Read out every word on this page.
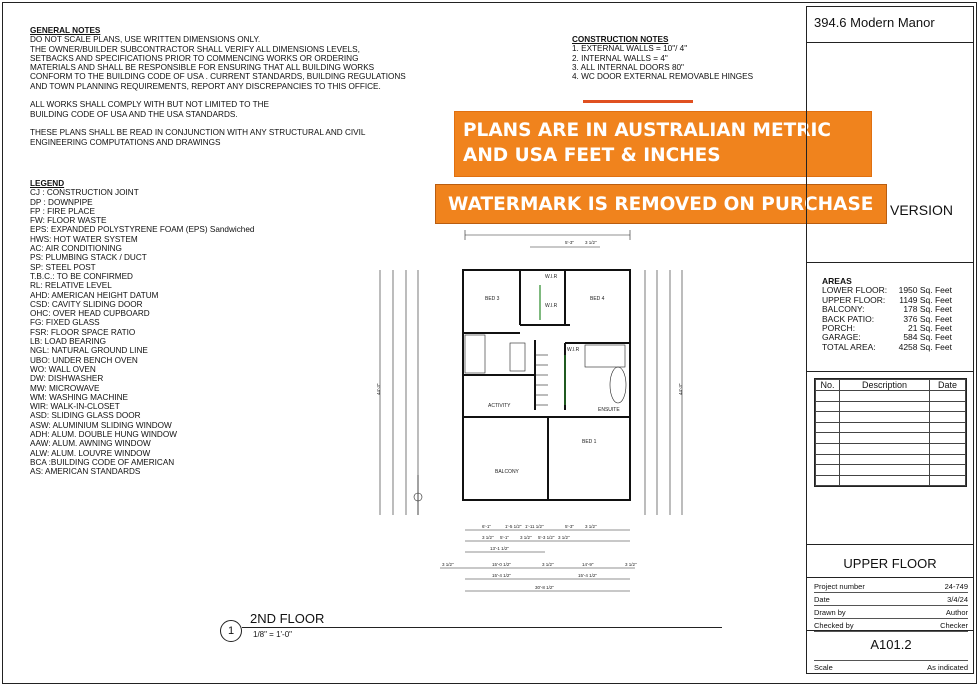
GENERAL NOTES
DO NOT SCALE PLANS, USE WRITTEN DIMENSIONS ONLY.
THE OWNER/BUILDER SUBCONTRACTOR SHALL VERIFY ALL DIMENSIONS LEVELS,
SETBACKS AND SPECIFICATIONS PRIOR TO COMMENCING WORKS OR ORDERING
MATERIALS AND SHALL BE RESPONSIBLE FOR ENSURING THAT ALL BUILDING WORKS
CONFORM TO THE BUILDING CODE OF USA . CURRENT STANDARDS, BUILDING REGULATIONS
AND TOWN PLANNING REQUIREMENTS, REPORT ANY DISCREPANCIES TO THIS OFFICE.
ALL WORKS SHALL COMPLY WITH BUT NOT LIMITED TO THE
BUILDING CODE OF USA AND THE USA STANDARDS.
THESE PLANS SHALL BE READ IN CONJUNCTION WITH ANY STRUCTURAL AND CIVIL
ENGINEERING COMPUTATIONS AND DRAWINGS
LEGEND
CJ : CONSTRUCTION JOINT
DP : DOWNPIPE
FP : FIRE PLACE
FW: FLOOR WASTE
EPS: EXPANDED POLYSTYRENE FOAM (EPS) Sandwiched
HWS: HOT WATER SYSTEM
AC: AIR CONDITIONING
PS: PLUMBING STACK / DUCT
SP: STEEL POST
T.B.C.: TO BE CONFIRMED
RL: RELATIVE LEVEL
AHD: AMERICAN HEIGHT DATUM
CSD: CAVITY SLIDING DOOR
OHC: OVER HEAD CUPBOARD
FG: FIXED GLASS
FSR: FLOOR SPACE RATIO
LB: LOAD BEARING
NGL: NATURAL GROUND LINE
UBO: UNDER BENCH OVEN
WO: WALL OVEN
DW: DISHWASHER
MW: MICROWAVE
WM: WASHING MACHINE
WIR: WALK-IN-CLOSET
ASD: SLIDING GLASS DOOR
ASW: ALUMINIUM SLIDING WINDOW
ADH: ALUM. DOUBLE HUNG WINDOW
AAW: ALUM. AWNING WINDOW
ALW: ALUM. LOUVRE WINDOW
BCA :BUILDING CODE OF AMERICAN
AS: AMERICAN STANDARDS
CONSTRUCTION NOTES
1. EXTERNAL WALLS = 10"/ 4"
2. INTERNAL WALLS = 4"
3. ALL INTERNAL DOORS 80"
4. WC DOOR EXTERNAL REMOVABLE HINGES
BED 3	BED 4
W.I.R
W.I.R
W.I.R
ACTIVITY
BALCONY
BED 1
ENSUITE
5'-3" 3 1/2"
44'-3"	44'-3"
6'-1"	1'-5 1/2" 1'-11 1/2"	5'-3" 3 1/2"
3 1/2" 5'-1" 3 1/2" 5'-3 1/2" 3 1/2"
13'-1 1/2"
3 1/2"	15'-0 1/2"	3 1/2"	14'-9"	3 1/2"
15'-4 1/2"	15'-4 1/2"
30'-8 1/2"
PLANS ARE IN AUSTRALIAN METRIC
AND USA FEET & INCHES
WATERMARK IS REMOVED ON PURCHASE
394.6 Modern Manor
VERSION
AREAS
LOWER FLOOR: 1950 Sq. Feet
UPPER FLOOR: 1149 Sq. Feet
BALCONY:	178 Sq. Feet
BACK PATIO:	376 Sq. Feet
PORCH:	21 Sq. Feet
GARAGE:	584 Sq. Feet
TOTAL AREA:	4258 Sq. Feet
No.	Description	Date

UPPER FLOOR
Project number	24-749
Date	3/4/24
Drawn by	Author
Checked by	Checker
A101.2
Scale	As indicated
1
2ND FLOOR
1/8" = 1'-0"
